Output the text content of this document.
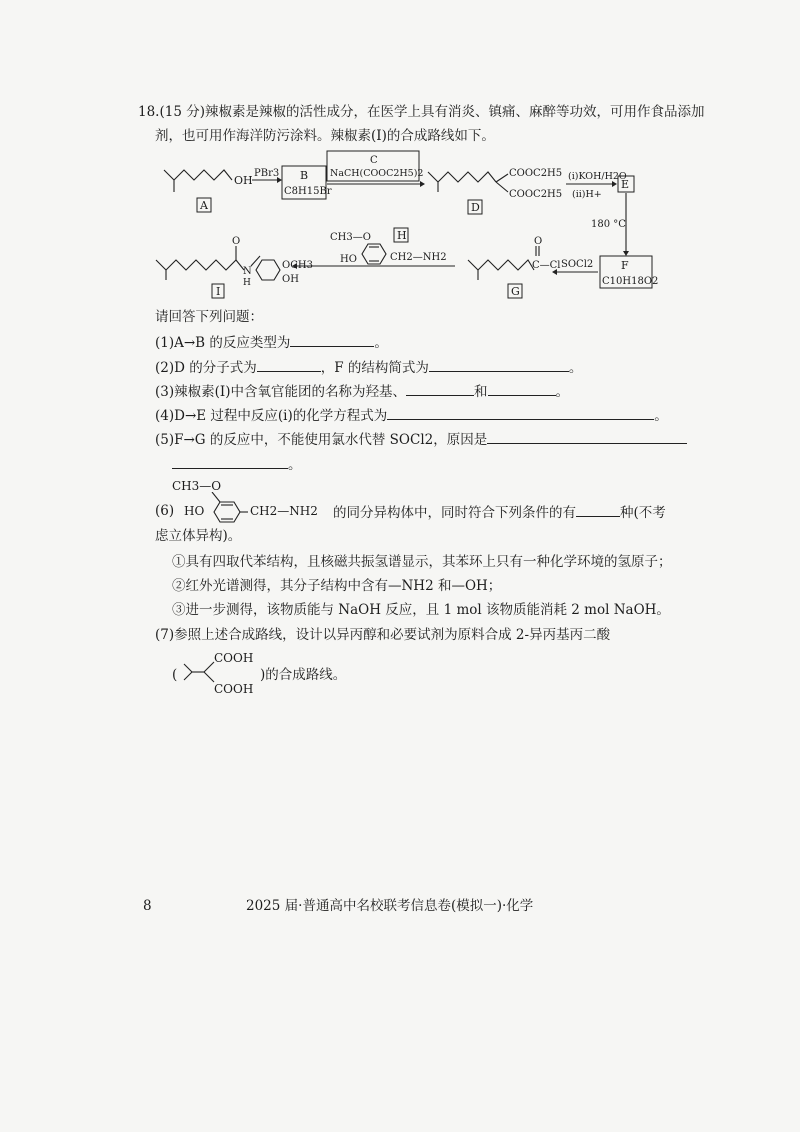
18.(15 分)辣椒素是辣椒的活性成分，在医学上具有消炎、镇痛、麻醉等功效，可用作食品添加
剂，也可用作海洋防污涂料。辣椒素(I)的合成路线如下。
OH
A
PBr3 B
C8H15Br
C
NaCH(COOC2H5)2	COOC2H5
COOC2H5
D
(i)KOH/H2O
(ii)H+
E
180 °C
F
C10H18O2
SOCl2
O
C—Cl
G
CH3—O
HO	CH2—NH2
H
O
N
H
OCH3
OH
I
请回答下列问题：
(1)A→B 的反应类型为	。
(2)D 的分子式为	，F 的结构简式为	。
(3)辣椒素(I)中含氧官能团的名称为羟基、	和	。
(4)D→E 过程中反应(i)的化学方程式为	。
(5)F→G 的反应中，不能使用氯水代替 SOCl2，原因是
。
CH3—O
(6) HO	CH2—NH2 的同分异构体中，同时符合下列条件的有	种(不考
虑立体异构)。
①具有四取代苯结构，且核磁共振氢谱显示，其苯环上只有一种化学环境的氢原子；
②红外光谱测得，其分子结构中含有—NH2 和—OH；
③进一步测得，该物质能与 NaOH 反应，且 1 mol 该物质能消耗 2 mol NaOH。
(7)参照上述合成路线，设计以异丙醇和必要试剂为原料合成 2-异丙基丙二酸
COOH
(
COOH
)的合成路线。
8	2025 届·普通高中名校联考信息卷(模拟一)·化学
